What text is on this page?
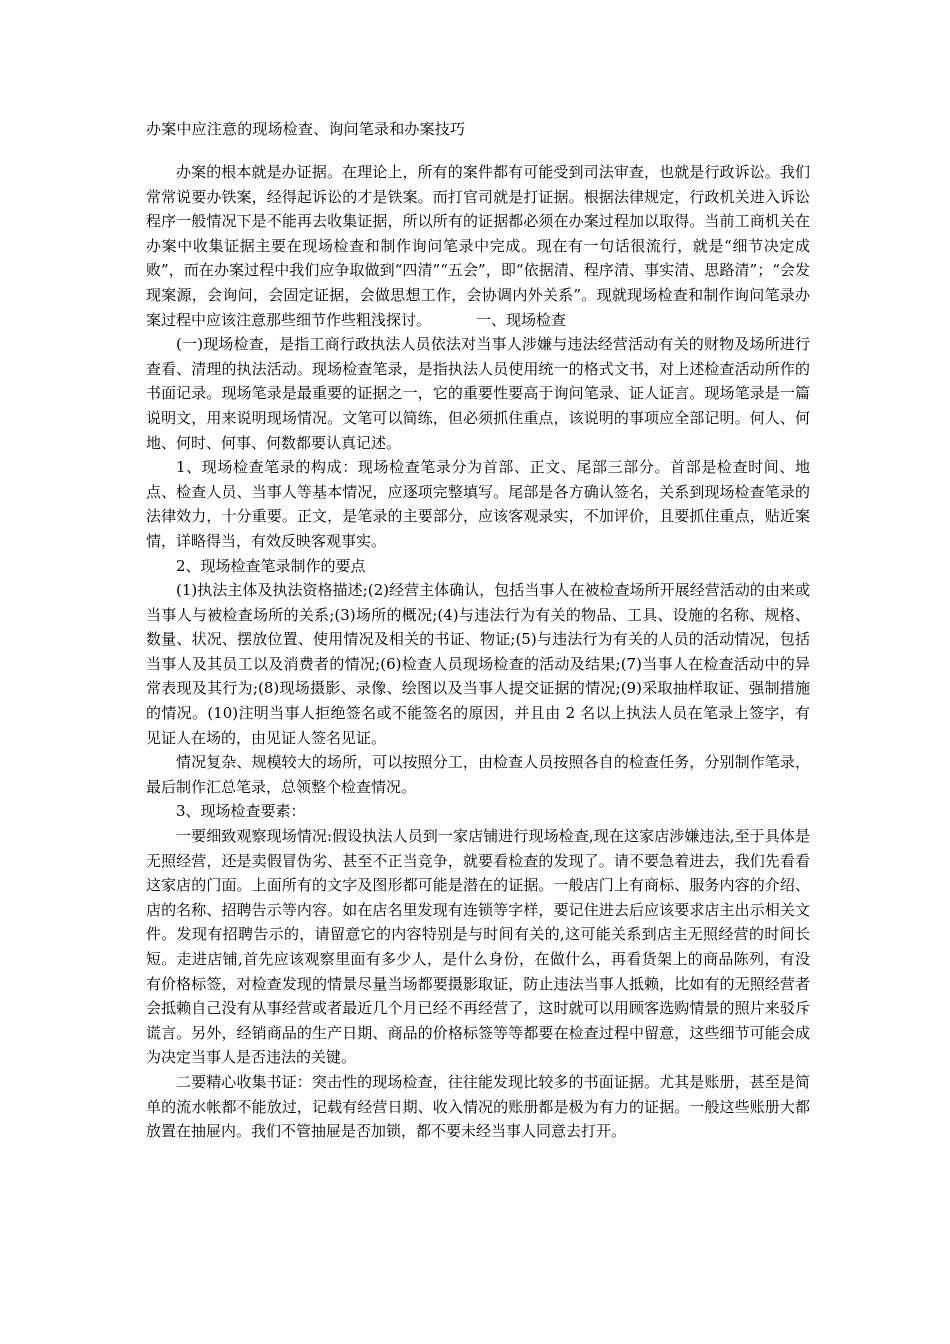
办案中应注意的现场检查、询问笔录和办案技巧

办案的根本就是办证据。在理论上，所有的案件都有可能受到司法审查，也就是行政诉讼。我们常常说要办铁案，经得起诉讼的才是铁案。而打官司就是打证据。根据法律规定，行政机关进入诉讼程序一般情况下是不能再去收集证据，所以所有的证据都必须在办案过程加以取得。当前工商机关在办案中收集证据主要在现场检查和制作询问笔录中完成。现在有一句话很流行，就是“细节决定成败”，而在办案过程中我们应争取做到“四清”“五会”，即“依据清、程序清、事实清、思路清”；“会发现案源，会询问，会固定证据，会做思想工作，会协调内外关系”。现就现场检查和制作询问笔录办案过程中应该注意那些细节作些粗浅探讨。	一、现场检查

(一)现场检查，是指工商行政执法人员依法对当事人涉嫌与违法经营活动有关的财物及场所进行查看、清理的执法活动。现场检查笔录，是指执法人员使用统一的格式文书，对上述检查活动所作的书面记录。现场笔录是最重要的证据之一，它的重要性要高于询问笔录、证人证言。现场笔录是一篇说明文，用来说明现场情况。文笔可以简练，但必须抓住重点，该说明的事项应全部记明。何人、何地、何时、何事、何数都要认真记述。

1、现场检查笔录的构成：现场检查笔录分为首部、正文、尾部三部分。首部是检查时间、地点、检查人员、当事人等基本情况，应逐项完整填写。尾部是各方确认签名，关系到现场检查笔录的法律效力，十分重要。正文，是笔录的主要部分，应该客观录实，不加评价，且要抓住重点，贴近案情，详略得当，有效反映客观事实。

2、现场检查笔录制作的要点

(1)执法主体及执法资格描述;(2)经营主体确认，包括当事人在被检查场所开展经营活动的由来或当事人与被检查场所的关系;(3)场所的概况;(4)与违法行为有关的物品、工具、设施的名称、规格、数量、状况、摆放位置、使用情况及相关的书证、物证;(5)与违法行为有关的人员的活动情况，包括当事人及其员工以及消费者的情况;(6)检查人员现场检查的活动及结果;(7)当事人在检查活动中的异常表现及其行为;(8)现场摄影、录像、绘图以及当事人提交证据的情况;(9)采取抽样取证、强制措施的情况。(10)注明当事人拒绝签名或不能签名的原因，并且由 2 名以上执法人员在笔录上签字，有见证人在场的，由见证人签名见证。

情况复杂、规模较大的场所，可以按照分工，由检查人员按照各自的检查任务，分别制作笔录，最后制作汇总笔录，总领整个检查情况。

3、现场检查要素：

一要细致观察现场情况:假设执法人员到一家店铺进行现场检查,现在这家店涉嫌违法,至于具体是无照经营，还是卖假冒伪劣、甚至不正当竞争，就要看检查的发现了。请不要急着进去，我们先看看这家店的门面。上面所有的文字及图形都可能是潜在的证据。一般店门上有商标、服务内容的介绍、店的名称、招聘告示等内容。如在店名里发现有连锁等字样，要记住进去后应该要求店主出示相关文件。发现有招聘告示的，请留意它的内容特别是与时间有关的,这可能关系到店主无照经营的时间长短。走进店铺,首先应该观察里面有多少人，是什么身份，在做什么，再看货架上的商品陈列，有没有价格标签，对检查发现的情景尽量当场都要摄影取证，防止违法当事人抵赖，比如有的无照经营者会抵赖自己没有从事经营或者最近几个月已经不再经营了，这时就可以用顾客选购情景的照片来驳斥谎言。另外，经销商品的生产日期、商品的价格标签等等都要在检查过程中留意，这些细节可能会成为决定当事人是否违法的关键。

二要精心收集书证：突击性的现场检查，往往能发现比较多的书面证据。尤其是账册，甚至是简单的流水帐都不能放过，记载有经营日期、收入情况的账册都是极为有力的证据。一般这些账册大都放置在抽屉内。我们不管抽屉是否加锁，都不要未经当事人同意去打开。
